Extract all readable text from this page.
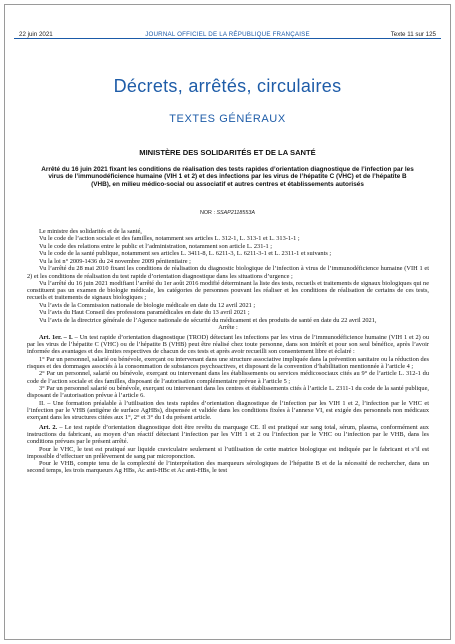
22 juin 2021	JOURNAL OFFICIEL DE LA RÉPUBLIQUE FRANÇAISE	Texte 11 sur 125
Décrets, arrêtés, circulaires
TEXTES GÉNÉRAUX
MINISTÈRE DES SOLIDARITÉS ET DE LA SANTÉ
Arrêté du 16 juin 2021 fixant les conditions de réalisation des tests rapides d’orientation diagnostique de l’infection par les virus de l’immunodéficience humaine (VIH 1 et 2) et des infections par les virus de l’hépatite C (VHC) et de l’hépatite B (VHB), en milieu médico-social ou associatif et autres centres et établissements autorisés
NOR : SSAP2118553A

Le ministre des solidarités et de la santé,

Vu le code de l’action sociale et des familles, notamment ses articles L. 312-1, L. 313-1 et L. 313-1-1 ;

Vu le code des relations entre le public et l’administration, notamment son article L. 231-1 ;

Vu le code de la santé publique, notamment ses articles L. 3411-8, L. 6211-3, L. 6211-3-1 et L. 2311-1 et suivants ;

Vu la loi n° 2009-1436 du 24 novembre 2009 pénitentiaire ;

Vu l’arrêté du 28 mai 2010 fixant les conditions de réalisation du diagnostic biologique de l’infection à virus de l’immunodéficience humaine (VIH 1 et 2) et les conditions de réalisation du test rapide d’orientation diagnostique dans les situations d’urgence ;

Vu l’arrêté du 16 juin 2021 modifiant l’arrêté du 1er août 2016 modifié déterminant la liste des tests, recueils et traitements de signaux biologiques qui ne constituent pas un examen de biologie médicale, les catégories de personnes pouvant les réaliser et les conditions de réalisation de certains de ces tests, recueils et traitements de signaux biologiques ;

Vu l’avis de la Commission nationale de biologie médicale en date du 12 avril 2021 ;

Vu l’avis du Haut Conseil des professions paramédicales en date du 13 avril 2021 ;

Vu l’avis de la directrice générale de l’Agence nationale de sécurité du médicament et des produits de santé en date du 22 avril 2021,

Arrête :

Art. 1er. – I. – Un test rapide d’orientation diagnostique (TROD) détectant les infections par les virus de l’immunodéficience humaine (VIH 1 et 2) ou par les virus de l’hépatite C (VHC) ou de l’hépatite B (VHB) peut être réalisé chez toute personne, dans son intérêt et pour son seul bénéfice, après l’avoir informée des avantages et des limites respectives de chacun de ces tests et après avoir recueilli son consentement libre et éclairé :

1° Par un personnel, salarié ou bénévole, exerçant ou intervenant dans une structure associative impliquée dans la prévention sanitaire ou la réduction des risques et des dommages associés à la consommation de substances psychoactives, et disposant de la convention d’habilitation mentionnée à l’article 4 ;

2° Par un personnel, salarié ou bénévole, exerçant ou intervenant dans les établissements ou services médicosociaux cités au 9° de l’article L. 312-1 du code de l’action sociale et des familles, disposant de l’autorisation complémentaire prévue à l’article 5 ;

3° Par un personnel salarié ou bénévole, exerçant ou intervenant dans les centres et établissements cités à l’article L. 2311-1 du code de la santé publique, disposant de l’autorisation prévue à l’article 6.

II. – Une formation préalable à l’utilisation des tests rapides d’orientation diagnostique de l’infection par les VIH 1 et 2, l’infection par le VHC et l’infection par le VHB (antigène de surface AgHBs), dispensée et validée dans les conditions fixées à l’annexe VI, est exigée des personnels non médicaux exerçant dans les structures citées aux 1°, 2° et 3° du I du présent article.

Art. 2. – Le test rapide d’orientation diagnostique doit être revêtu du marquage CE. Il est pratiqué sur sang total, sérum, plasma, conformément aux instructions du fabricant, au moyen d’un réactif détectant l’infection par les VIH 1 et 2 ou l’infection par le VHC ou l’infection par le VHB, dans les conditions prévues par le présent arrêté.

Pour le VHC, le test est pratiqué sur liquide craviculaire seulement si l’utilisation de cette matrice biologique est indiquée par le fabricant et s’il est impossible d’effectuer un prélèvement de sang par microponction.

Pour le VHB, compte tenu de la complexité de l’interprétation des marqueurs sérologiques de l’hépatite B et de la nécessité de rechercher, dans un second temps, les trois marqueurs Ag HBs, Ac anti-HBc et Ac anti-HBs, le test
